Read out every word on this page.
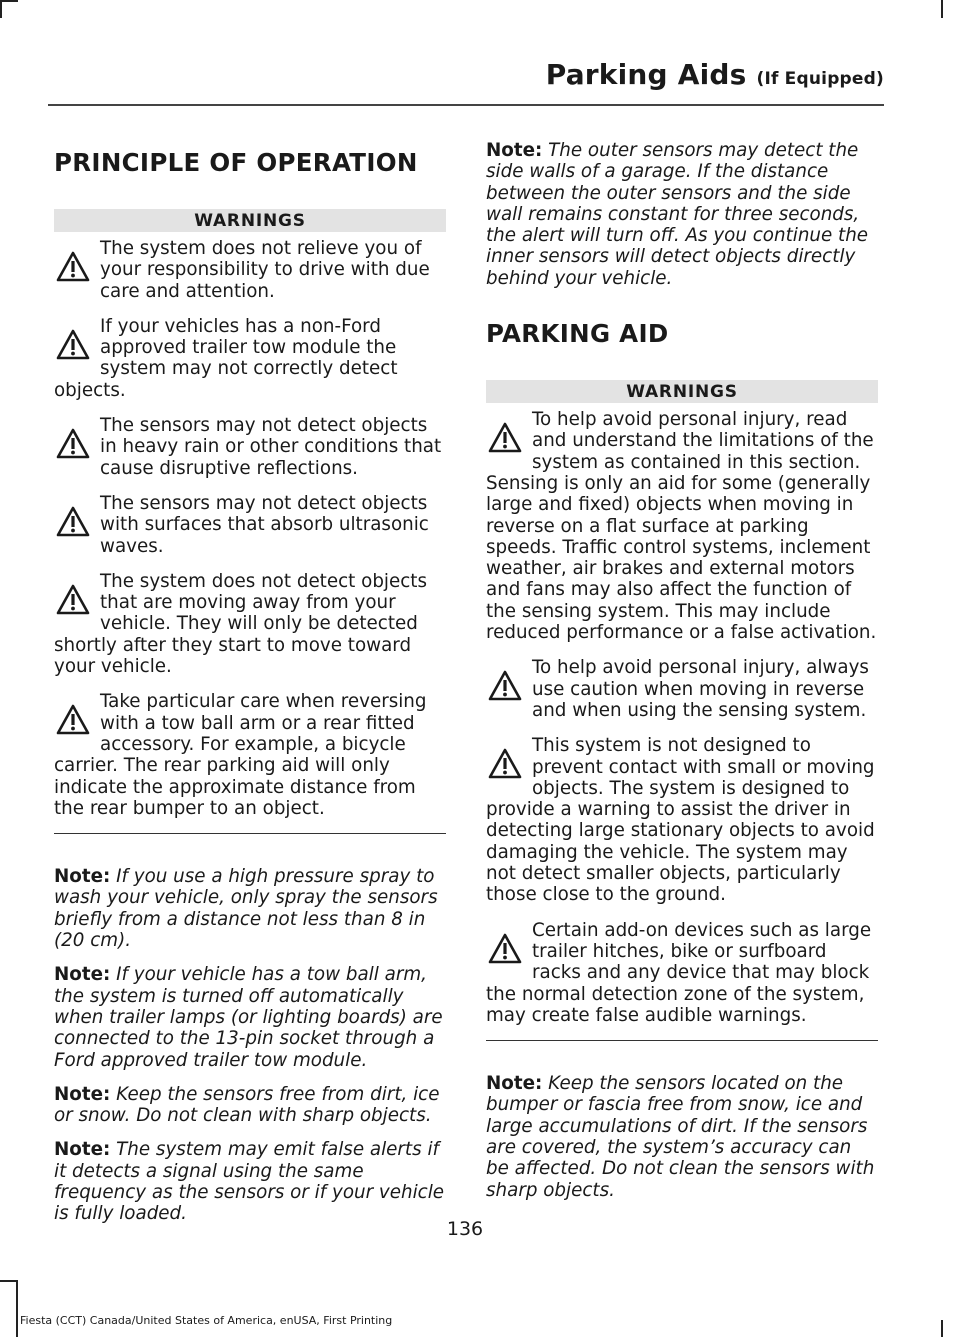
Parking Aids (If Equipped)
PRINCIPLE OF OPERATION
WARNINGS
The system does not relieve you of your responsibility to drive with due care and attention.
If your vehicles has a non-Ford approved trailer tow module the system may not correctly detect objects.
The sensors may not detect objects in heavy rain or other conditions that cause disruptive reflections.
The sensors may not detect objects with surfaces that absorb ultrasonic waves.
The system does not detect objects that are moving away from your vehicle. They will only be detected shortly after they start to move toward your vehicle.
Take particular care when reversing with a tow ball arm or a rear fitted accessory. For example, a bicycle carrier. The rear parking aid will only indicate the approximate distance from the rear bumper to an object.
Note: If you use a high pressure spray to wash your vehicle, only spray the sensors briefly from a distance not less than 8 in (20 cm).
Note: If your vehicle has a tow ball arm, the system is turned off automatically when trailer lamps (or lighting boards) are connected to the 13-pin socket through a Ford approved trailer tow module.
Note: Keep the sensors free from dirt, ice or snow. Do not clean with sharp objects.
Note: The system may emit false alerts if it detects a signal using the same frequency as the sensors or if your vehicle is fully loaded.
Note: The outer sensors may detect the side walls of a garage. If the distance between the outer sensors and the side wall remains constant for three seconds, the alert will turn off. As you continue the inner sensors will detect objects directly behind your vehicle.
PARKING AID
WARNINGS
To help avoid personal injury, read and understand the limitations of the system as contained in this section. Sensing is only an aid for some (generally large and fixed) objects when moving in reverse on a flat surface at parking speeds. Traffic control systems, inclement weather, air brakes and external motors and fans may also affect the function of the sensing system. This may include reduced performance or a false activation.
To help avoid personal injury, always use caution when moving in reverse and when using the sensing system.
This system is not designed to prevent contact with small or moving objects. The system is designed to provide a warning to assist the driver in detecting large stationary objects to avoid damaging the vehicle. The system may not detect smaller objects, particularly those close to the ground.
Certain add-on devices such as large trailer hitches, bike or surfboard racks and any device that may block the normal detection zone of the system, may create false audible warnings.
Note: Keep the sensors located on the bumper or fascia free from snow, ice and large accumulations of dirt. If the sensors are covered, the system’s accuracy can be affected. Do not clean the sensors with sharp objects.
136
Fiesta (CCT) Canada/United States of America, enUSA, First Printing
